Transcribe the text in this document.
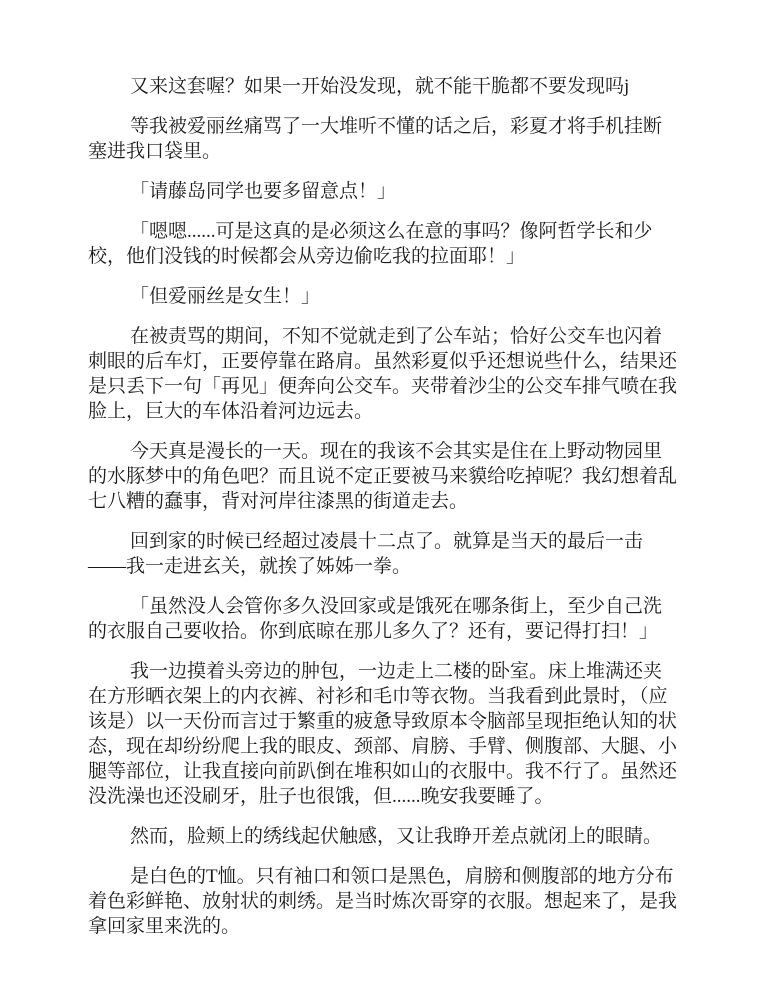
又来这套喔？如果一开始没发现，就不能干脆都不要发现吗j

等我被爱丽丝痛骂了一大堆听不懂的话之后，彩夏才将手机挂断塞进我口袋里。

「请藤岛同学也要多留意点！」

「嗯嗯......可是这真的是必须这么在意的事吗？像阿哲学长和少校，他们没钱的时候都会从旁边偷吃我的拉面耶！」

「但爱丽丝是女生！」

在被责骂的期间，不知不觉就走到了公车站；恰好公交车也闪着刺眼的后车灯，正要停靠在路肩。虽然彩夏似乎还想说些什么，结果还是只丢下一句「再见」便奔向公交车。夹带着沙尘的公交车排气喷在我脸上，巨大的车体沿着河边远去。

今天真是漫长的一天。现在的我该不会其实是住在上野动物园里的水豚梦中的角色吧？而且说不定正要被马来貘给吃掉呢？我幻想着乱七八糟的蠢事，背对河岸往漆黑的街道走去。

回到家的时候已经超过凌晨十二点了。就算是当天的最后一击——我一走进玄关，就挨了姊姊一拳。

「虽然没人会管你多久没回家或是饿死在哪条街上，至少自己洗的衣服自己要收拾。你到底晾在那儿多久了？还有，要记得打扫！」

我一边摸着头旁边的肿包，一边走上二楼的卧室。床上堆满还夹在方形晒衣架上的内衣裤、衬衫和毛巾等衣物。当我看到此景时，（应该是）以一天份而言过于繁重的疲惫导致原本令脑部呈现拒绝认知的状态，现在却纷纷爬上我的眼皮、颈部、肩膀、手臂、侧腹部、大腿、小腿等部位，让我直接向前趴倒在堆积如山的衣服中。我不行了。虽然还没洗澡也还没刷牙，肚子也很饿，但......晚安我要睡了。

然而，脸颊上的绣线起伏触感，又让我睁开差点就闭上的眼睛。

是白色的T恤。只有袖口和领口是黑色，肩膀和侧腹部的地方分布着色彩鲜艳、放射状的刺绣。是当时炼次哥穿的衣服。想起来了，是我拿回家里来洗的。
